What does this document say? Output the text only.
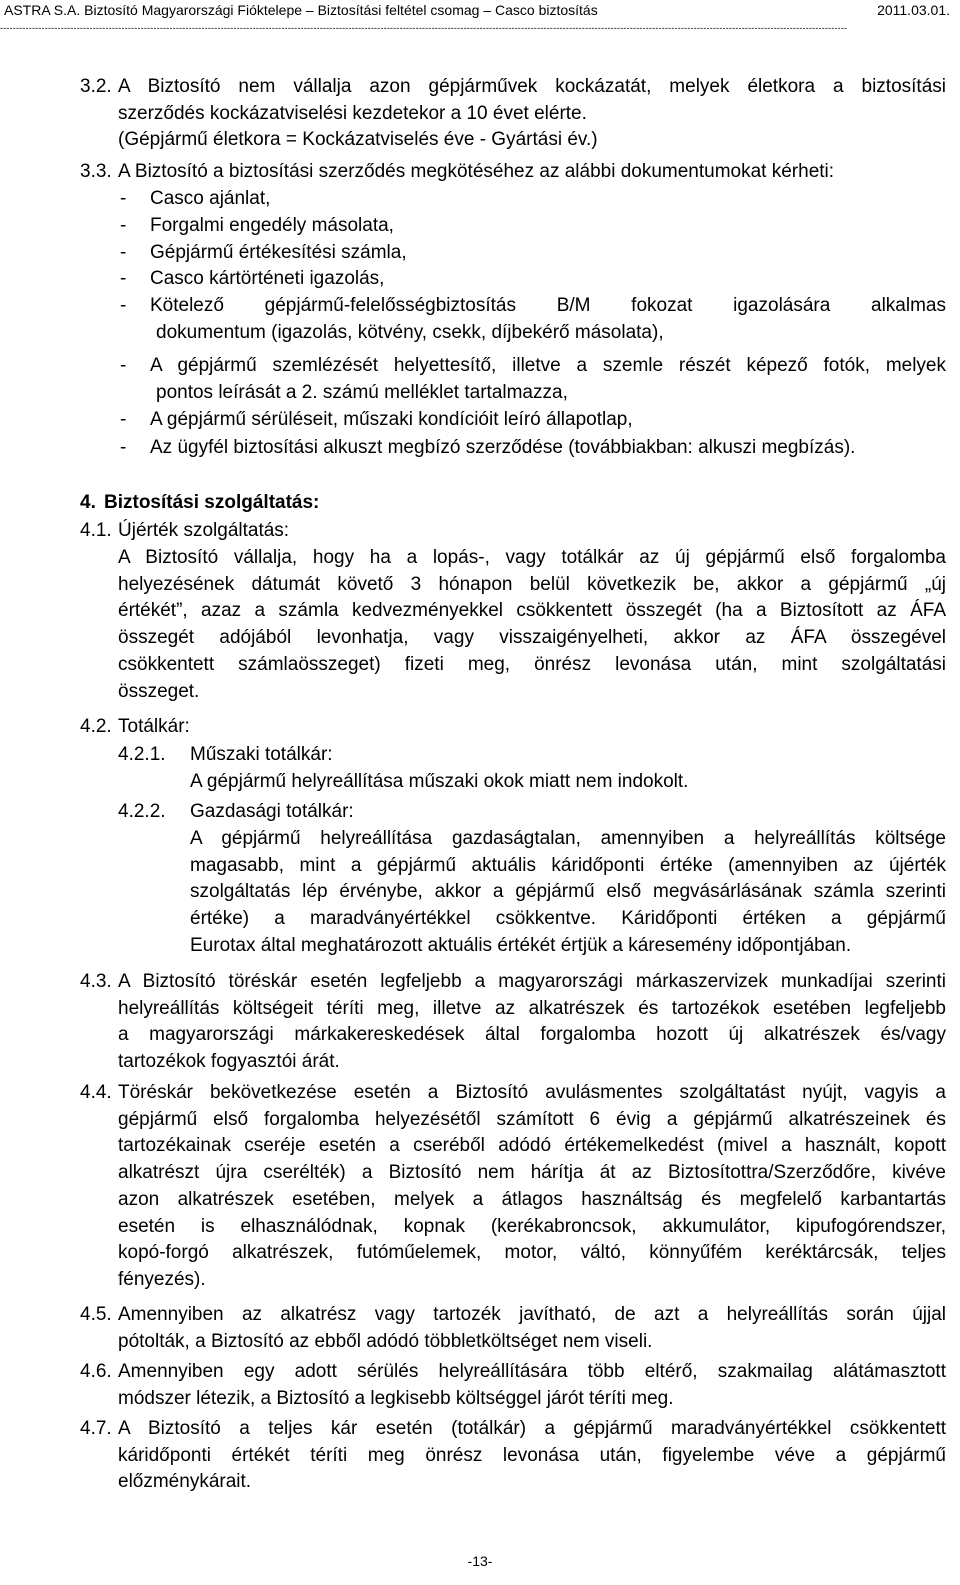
ASTRA S.A. Biztosító Magyarországi Fióktelepe – Biztosítási feltétel csomag – Casco biztosítás	2011.03.01.
-------------------------------------------------------------------------------------------------------------------------------------------------------------------------------------------------------------------------------------------------------------------------
3.2. A Biztosító nem vállalja azon gépjárművek kockázatát, melyek életkora a biztosítási
szerződés kockázatviselési kezdetekor a 10 évet elérte.
(Gépjármű életkora = Kockázatviselés éve - Gyártási év.)
3.3. A Biztosító a biztosítási szerződés megkötéséhez az alábbi dokumentumokat kérheti:
- Casco ajánlat,
- Forgalmi engedély másolata,
- Gépjármű értékesítési számla,
- Casco kártörténeti igazolás,
- Kötelező gépjármű-felelősségbiztosítás B/M fokozat igazolására alkalmas
dokumentum (igazolás, kötvény, csekk, díjbekérő másolata),
- A gépjármű szemlézését helyettesítő, illetve a szemle részét képező fotók, melyek
pontos leírását a 2. számú melléklet tartalmazza,
- A gépjármű sérüléseit, műszaki kondícióit leíró állapotlap,
- Az ügyfél biztosítási alkuszt megbízó szerződése (továbbiakban: alkuszi megbízás).
4. Biztosítási szolgáltatás:
4.1. Újérték szolgáltatás:
A Biztosító vállalja, hogy ha a lopás-, vagy totálkár az új gépjármű első forgalomba
helyezésének dátumát követő 3 hónapon belül következik be, akkor a gépjármű „új
értékét”, azaz a számla kedvezményekkel csökkentett összegét (ha a Biztosított az ÁFA
összegét adójából levonhatja, vagy visszaigényelheti, akkor az ÁFA összegével
csökkentett számlaösszeget) fizeti meg, önrész levonása után, mint szolgáltatási
összeget.
4.2. Totálkár:
4.2.1. Műszaki totálkár:
A gépjármű helyreállítása műszaki okok miatt nem indokolt.
4.2.2. Gazdasági totálkár:
A gépjármű helyreállítása gazdaságtalan, amennyiben a helyreállítás költsége
magasabb, mint a gépjármű aktuális káridőponti értéke (amennyiben az újérték
szolgáltatás lép érvénybe, akkor a gépjármű első megvásárlásának számla szerinti
értéke) a maradványértékkel csökkentve. Káridőponti értéken a gépjármű
Eurotax által meghatározott aktuális értékét értjük a káresemény időpontjában.
4.3. A Biztosító töréskár esetén legfeljebb a magyarországi márkaszervizek munkadíjai szerinti
helyreállítás költségeit téríti meg, illetve az alkatrészek és tartozékok esetében legfeljebb
a magyarországi márkakereskedések által forgalomba hozott új alkatrészek és/vagy
tartozékok fogyasztói árát.
4.4. Töréskár bekövetkezése esetén a Biztosító avulásmentes szolgáltatást nyújt, vagyis a
gépjármű első forgalomba helyezésétől számított 6 évig a gépjármű alkatrészeinek és
tartozékainak cseréje esetén a cseréből adódó értékemelkedést (mivel a használt, kopott
alkatrészt újra cserélték) a Biztosító nem hárítja át az Biztosítottra/Szerződőre, kivéve
azon alkatrészek esetében, melyek a átlagos használtság és megfelelő karbantartás
esetén is elhasználódnak, kopnak (kerékabroncsok, akkumulátor, kipufogórendszer,
kopó-forgó alkatrészek, futóműelemek, motor, váltó, könnyűfém keréktárcsák, teljes
fényezés).
4.5. Amennyiben az alkatrész vagy tartozék javítható, de azt a helyreállítás során újjal
pótolták, a Biztosító az ebből adódó többletköltséget nem viseli.
4.6. Amennyiben egy adott sérülés helyreállítására több eltérő, szakmailag alátámasztott
módszer létezik, a Biztosító a legkisebb költséggel járót téríti meg.
4.7. A Biztosító a teljes kár esetén (totálkár) a gépjármű maradványértékkel csökkentett
káridőponti értékét téríti meg önrész levonása után, figyelembe véve a gépjármű
előzménykárait.
-13-
